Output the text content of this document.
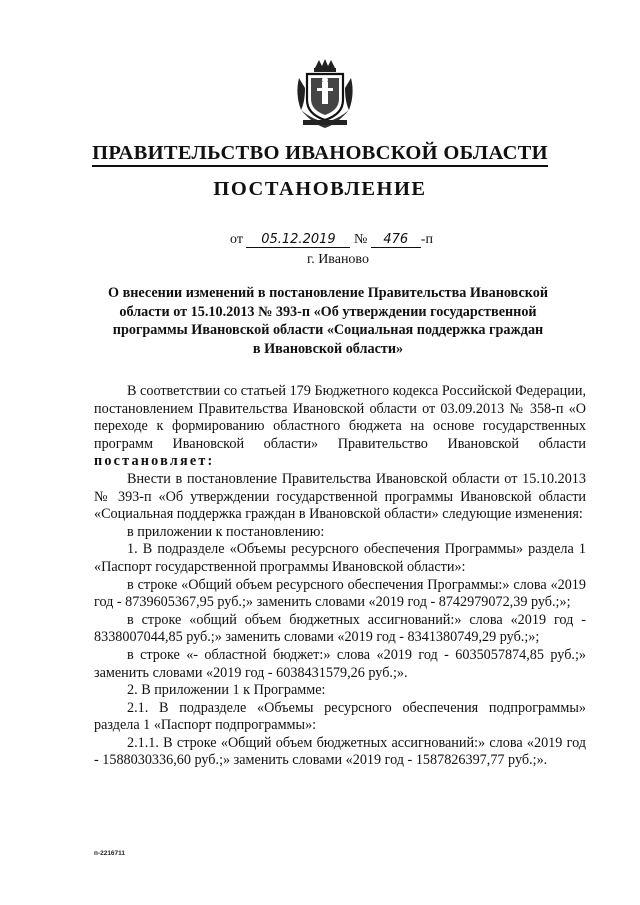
ПРАВИТЕЛЬСТВО ИВАНОВСКОЙ ОБЛАСТИ
ПОСТАНОВЛЕНИЕ
от 05.12.2019 № 476 -п
г. Иваново
О внесении изменений в постановление Правительства Ивановской области от 15.10.2013 № 393-п «Об утверждении государственной программы Ивановской области «Социальная поддержка граждан в Ивановской области»

В соответствии со статьей 179 Бюджетного кодекса Российской Федерации, постановлением Правительства Ивановской области от 03.09.2013 № 358-п «О переходе к формированию областного бюджета на основе государственных программ Ивановской области» Правительство Ивановской области постановляет:

Внести в постановление Правительства Ивановской области от 15.10.2013 № 393-п «Об утверждении государственной программы Ивановской области «Социальная поддержка граждан в Ивановской области» следующие изменения:

в приложении к постановлению:

1. В подразделе «Объемы ресурсного обеспечения Программы» раздела 1 «Паспорт государственной программы Ивановской области»:

в строке «Общий объем ресурсного обеспечения Программы:» слова «2019 год - 8739605367,95 руб.;» заменить словами «2019 год - 8742979072,39 руб.;»;

в строке «общий объем бюджетных ассигнований:» слова «2019 год - 8338007044,85 руб.;» заменить словами «2019 год - 8341380749,29 руб.;»;

в строке «- областной бюджет:» слова «2019 год - 6035057874,85 руб.;» заменить словами «2019 год - 6038431579,26 руб.;».

2. В приложении 1 к Программе:

2.1. В подразделе «Объемы ресурсного обеспечения подпрограммы» раздела 1 «Паспорт подпрограммы»:

2.1.1. В строке «Общий объем бюджетных ассигнований:» слова «2019 год - 1588030336,60 руб.;» заменить словами «2019 год - 1587826397,77 руб.;».

п-2216711
